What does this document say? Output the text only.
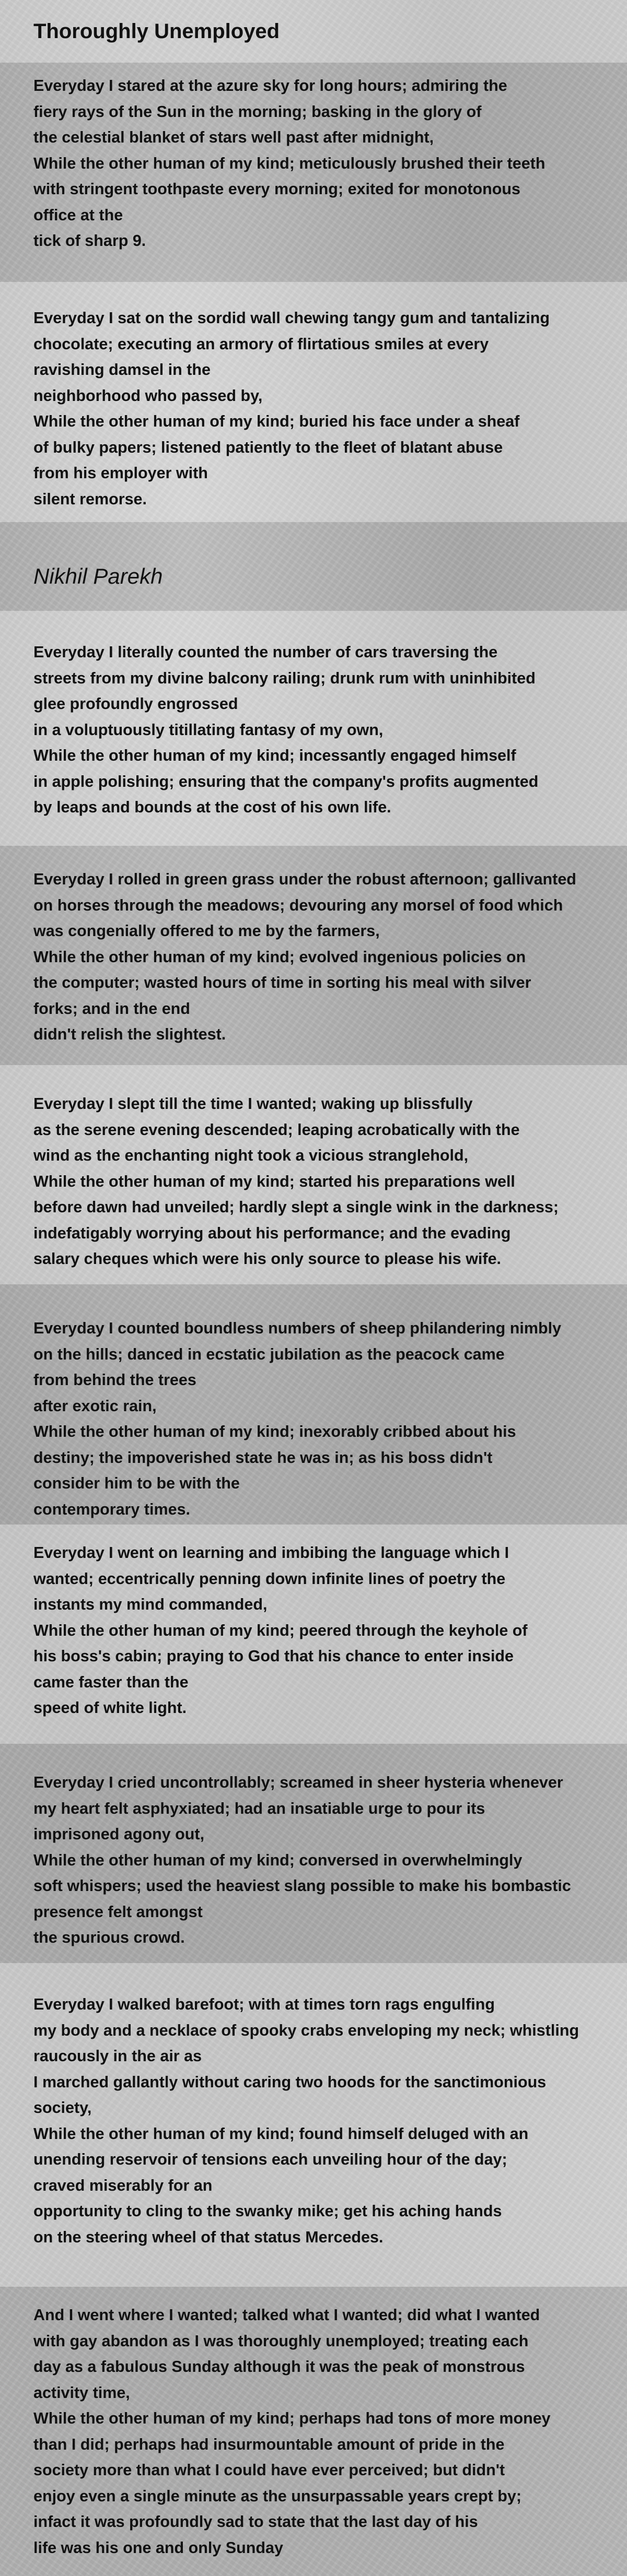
Thoroughly Unemployed

Everyday I stared at the azure sky for long hours; admiring the
fiery rays of the Sun in the morning; basking in the glory of
the celestial blanket of stars well past after midnight,
While the other human of my kind; meticulously brushed their teeth
with stringent toothpaste every morning; exited for monotonous
office at the
tick of sharp 9.

Everyday I sat on the sordid wall chewing tangy gum and tantalizing
chocolate; executing an armory of flirtatious smiles at every
ravishing damsel in the
neighborhood who passed by,
While the other human of my kind; buried his face under a sheaf
of bulky papers; listened patiently to the fleet of blatant abuse
from his employer with
silent remorse.

Nikhil Parekh

Everyday I literally counted the number of cars traversing the
streets from my divine balcony railing; drunk rum with uninhibited
glee profoundly engrossed
in a voluptuously titillating fantasy of my own,
While the other human of my kind; incessantly engaged himself
in apple polishing; ensuring that the company's profits augmented
by leaps and bounds at the cost of his own life.

Everyday I rolled in green grass under the robust afternoon; gallivanted
on horses through the meadows; devouring any morsel of food which
was congenially offered to me by the farmers,
While the other human of my kind; evolved ingenious policies on
the computer; wasted hours of time in sorting his meal with silver
forks; and in the end
didn't relish the slightest.

Everyday I slept till the time I wanted; waking up blissfully
as the serene evening descended; leaping acrobatically with the
wind as the enchanting night took a vicious stranglehold,
While the other human of my kind; started his preparations well
before dawn had unveiled; hardly slept a single wink in the darkness;
indefatigably worrying about his performance; and the evading
salary cheques which were his only source to please his wife.

Everyday I counted boundless numbers of sheep philandering nimbly
on the hills; danced in ecstatic jubilation as the peacock came
from behind the trees
after exotic rain,
While the other human of my kind; inexorably cribbed about his
destiny; the impoverished state he was in; as his boss didn't
consider him to be with the
contemporary times.

Everyday I went on learning and imbibing the language which I
wanted; eccentrically penning down infinite lines of poetry the
instants my mind commanded,
While the other human of my kind; peered through the keyhole of
his boss's cabin; praying to God that his chance to enter inside
came faster than the
speed of white light.

Everyday I cried uncontrollably; screamed in sheer hysteria whenever
my heart felt asphyxiated; had an insatiable urge to pour its
imprisoned agony out,
While the other human of my kind; conversed in overwhelmingly
soft whispers; used the heaviest slang possible to make his bombastic
presence felt amongst
the spurious crowd.

Everyday I walked barefoot; with at times torn rags engulfing
my body and a necklace of spooky crabs enveloping my neck; whistling
raucously in the air as
I marched gallantly without caring two hoods for the sanctimonious
society,
While the other human of my kind; found himself deluged with an
unending reservoir of tensions each unveiling hour of the day;
craved miserably for an
opportunity to cling to the swanky mike; get his aching hands
on the steering wheel of that status Mercedes.

And I went where I wanted; talked what I wanted; did what I wanted
with gay abandon as I was thoroughly unemployed; treating each
day as a fabulous Sunday although it was the peak of monstrous
activity time,
While the other human of my kind; perhaps had tons of more money
than I did; perhaps had insurmountable amount of pride in the
society more than what I could have ever perceived; but didn't
enjoy even a single minute as the unsurpassable years crept by;
infact it was profoundly sad to state that the last day of his
life was his one and only Sunday
